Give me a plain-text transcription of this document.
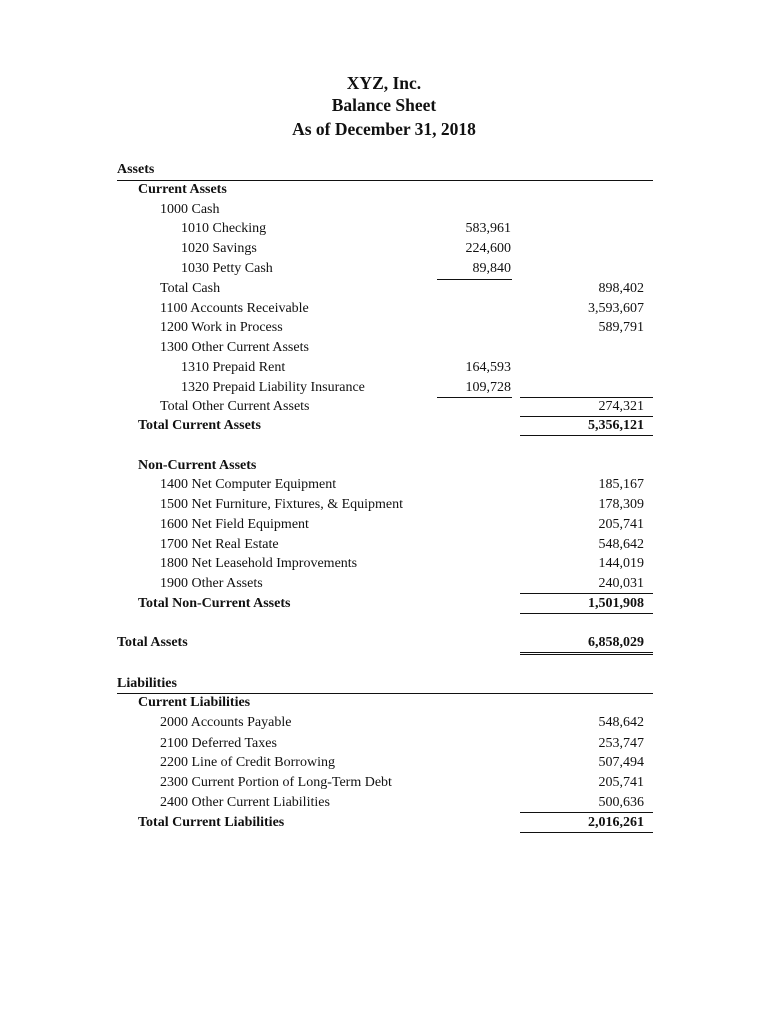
XYZ, Inc.
Balance Sheet
As of December 31, 2018
Assets
Current Assets
1000 Cash
1010 Checking	583,961
1020 Savings	224,600
1030 Petty Cash	89,840
Total Cash	898,402
1100 Accounts Receivable	3,593,607
1200 Work in Process	589,791
1300 Other Current Assets
1310 Prepaid Rent	164,593
1320 Prepaid Liability Insurance	109,728
Total Other Current Assets	274,321
Total Current Assets	5,356,121
Non-Current Assets
1400 Net Computer Equipment	185,167
1500 Net Furniture, Fixtures, & Equipment	178,309
1600 Net Field Equipment	205,741
1700 Net Real Estate	548,642
1800 Net Leasehold Improvements	144,019
1900 Other Assets	240,031
Total Non-Current Assets	1,501,908
Total Assets	6,858,029
Liabilities
Current Liabilities
2000 Accounts Payable	548,642
2100 Deferred Taxes	253,747
2200 Line of Credit Borrowing	507,494
2300 Current Portion of Long-Term Debt	205,741
2400 Other Current Liabilities	500,636
Total Current Liabilities	2,016,261
